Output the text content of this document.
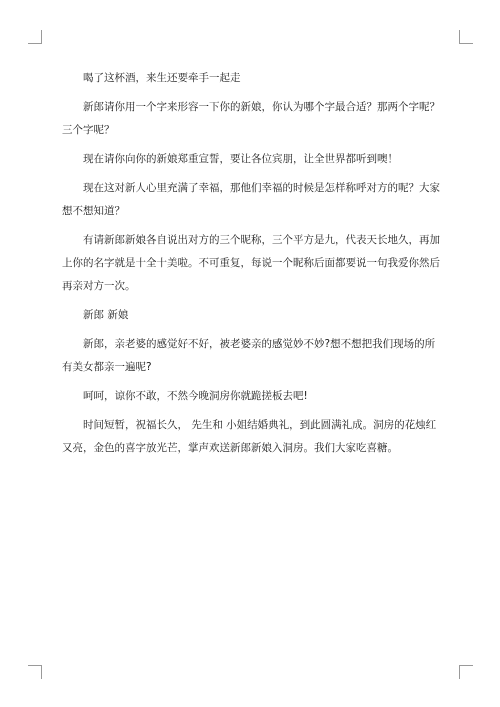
喝了这杯酒，来生还要牵手一起走

新郎请你用一个字来形容一下你的新娘，你认为哪个字最合适？那两个字呢？三个字呢？

现在请你向你的新娘郑重宣誓，要让各位宾朋，让全世界都听到噢！

现在这对新人心里充满了幸福，那他们幸福的时候是怎样称呼对方的呢？大家想不想知道？

有请新郎新娘各自说出对方的三个昵称，三个平方是九，代表天长地久，再加上你的名字就是十全十美啦。不可重复，每说一个昵称后面都要说一句我爱你然后再亲对方一次。

新郎 新娘

新郎，亲老婆的感觉好不好，被老婆亲的感觉妙不妙?想不想把我们现场的所有美女都亲一遍呢?

呵呵，谅你不敢，不然今晚洞房你就跪搓板去吧!

时间短暂，祝福长久， 先生和 小姐结婚典礼，到此圆满礼成。洞房的花烛红又亮，金色的喜字放光芒，掌声欢送新郎新娘入洞房。我们大家吃喜糖。
